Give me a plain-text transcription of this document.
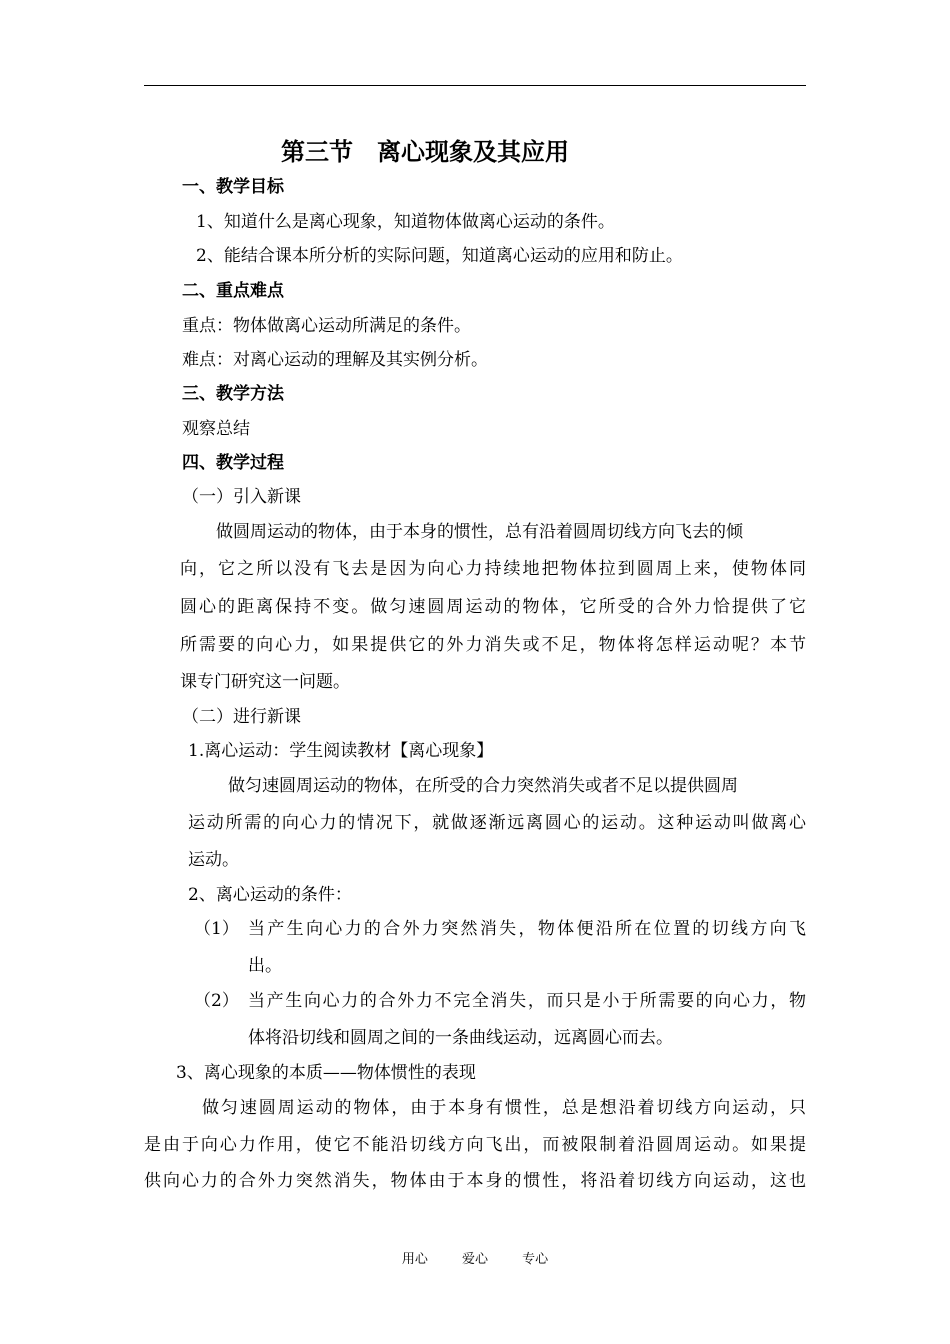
第三节　离心现象及其应用
一、教学目标
1、知道什么是离心现象，知道物体做离心运动的条件。
2、能结合课本所分析的实际问题，知道离心运动的应用和防止。
二、重点难点
重点：物体做离心运动所满足的条件。
难点：对离心运动的理解及其实例分析。
三、教学方法
观察总结
四、教学过程
（一）引入新课
做圆周运动的物体，由于本身的惯性，总有沿着圆周切线方向飞去的倾
向，它之所以没有飞去是因为向心力持续地把物体拉到圆周上来，使物体同
圆心的距离保持不变。做匀速圆周运动的物体，它所受的合外力恰提供了它
所需要的向心力，如果提供它的外力消失或不足，物体将怎样运动呢？本节
课专门研究这一问题。
（二）进行新课
1.离心运动：学生阅读教材【离心现象】
做匀速圆周运动的物体，在所受的合力突然消失或者不足以提供圆周
运动所需的向心力的情况下，就做逐渐远离圆心的运动。这种运动叫做离心
运动。
2、离心运动的条件：
（1） 当产生向心力的合外力突然消失，物体便沿所在位置的切线方向飞
出。
（2） 当产生向心力的合外力不完全消失，而只是小于所需要的向心力，物
体将沿切线和圆周之间的一条曲线运动，远离圆心而去。
3、离心现象的本质——物体惯性的表现
做匀速圆周运动的物体，由于本身有惯性，总是想沿着切线方向运动，只
是由于向心力作用，使它不能沿切线方向飞出，而被限制着沿圆周运动。如果提
供向心力的合外力突然消失，物体由于本身的惯性，将沿着切线方向运动，这也
用心 爱心 专心
